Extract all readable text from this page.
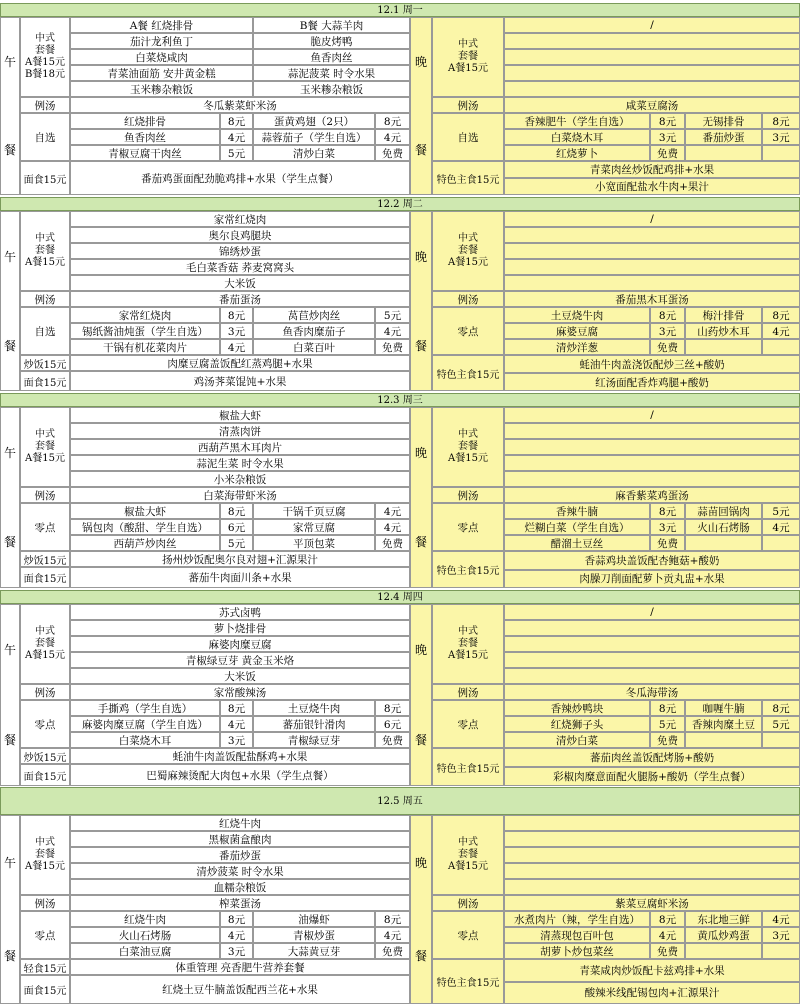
12.1 周一
午
餐
中式
套餐
A餐15元
B餐18元
A餐 红烧排骨	B餐 大蒜羊肉
茄汁龙利鱼丁	脆皮烤鸭
白菜烧咸肉	鱼香肉丝
青菜油面筋 安井黄金糕	蒜泥菠菜 时令水果
玉米糁杂粮饭	玉米糁杂粮饭
例汤	冬瓜紫菜虾米汤
自选
红烧排骨	8元	蛋黄鸡翅（2只）	8元
鱼香肉丝	4元	蒜蓉茄子（学生自选）	4元
青椒豆腐干肉丝	5元	清炒白菜	免费
面食15元	番茄鸡蛋面配劲脆鸡排+水果（学生点餐）
晚
餐
中式
套餐
A餐15元
/
例汤	咸菜豆腐汤
自选
香辣肥牛（学生自选）	8元	无锡排骨	8元
白菜烧木耳	3元	番茄炒蛋	3元
红烧萝卜	免费
特色主食15元
青菜肉丝炒饭配鸡排+水果
小宽面配盐水牛肉+果汁
12.2 周二
午
餐
中式
套餐
A餐15元
家常红烧肉
奥尔良鸡腿块
锦绣炒蛋
毛白菜香菇 荞麦窝窝头
大米饭
例汤	番茄蛋汤
自选
家常红烧肉	8元	莴苣炒肉丝	5元
锡纸酱油炖蛋（学生自选）	3元	鱼香肉糜茄子	4元
干锅有机花菜肉片	4元	白菜百叶	免费
炒饭15元	肉糜豆腐盖饭配红蒸鸡腿+水果
面食15元	鸡汤荠菜馄饨+水果
晚
餐
中式
套餐
A餐15元
/
例汤	番茄黑木耳蛋汤
零点
土豆烧牛肉	8元	梅汁排骨	8元
麻婆豆腐	3元	山药炒木耳	4元
清炒洋葱	免费
特色主食15元
蚝油牛肉盖浇饭配炒三丝+酸奶
红汤面配香炸鸡腿+酸奶
12.3 周三
午
餐
中式
套餐
A餐15元
椒盐大虾
清蒸肉饼
西葫芦黑木耳肉片
蒜泥生菜 时令水果
小米杂粮饭
例汤	白菜海带虾米汤
零点
椒盐大虾	8元	干锅千页豆腐	4元
锅包肉（酸甜、学生自选）	6元	家常豆腐	4元
西葫芦炒肉丝	5元	平顶包菜	免费
炒饭15元	扬州炒饭配奥尔良对翅+汇源果汁
面食15元	蕃茄牛肉面川条+水果
晚
餐
中式
套餐
A餐15元
/
例汤	麻香紫菜鸡蛋汤
零点
香辣牛腩	8元	蒜苗回锅肉	5元
烂糊白菜（学生自选）	3元	火山石烤肠	4元
醋溜土豆丝	免费
特色主食15元
香蒜鸡块盖饭配杏鲍菇+酸奶
肉臊刀削面配萝卜贡丸盅+水果
12.4 周四
午
餐
中式
套餐
A餐15元
苏式卤鸭
萝卜烧排骨
麻婆肉糜豆腐
青椒绿豆芽 黄金玉米烙
大米饭
例汤	家常酸辣汤
零点
手撕鸡（学生自选）	8元	土豆烧牛肉	8元
麻婆肉糜豆腐（学生自选）	4元	蕃茄银针滑肉	6元
白菜烧木耳	3元	青椒绿豆芽	免费
炒饭15元	蚝油牛肉盖饭配盐酥鸡+水果
面食15元	巴蜀麻辣烫配大肉包+水果（学生点餐）
晚
餐
中式
套餐
A餐15元
/
例汤	冬瓜海带汤
零点
香辣炒鸭块	8元	咖喱牛腩	8元
红烧狮子头	5元	香辣肉糜土豆	5元
清炒白菜	免费
特色主食15元
蕃茄肉丝盖饭配烤肠+酸奶
彩椒肉糜意面配火腿肠+酸奶（学生点餐）
12.5 周五
午
餐
中式
套餐
A餐15元
红烧牛肉
黑椒菌盒酿肉
番茄炒蛋
清炒菠菜 时令水果
血糯杂粮饭
例汤	榨菜蛋汤
零点
红烧牛肉	8元	油爆虾	8元
火山石烤肠	4元	青椒炒蛋	4元
白菜油豆腐	3元	大蒜黄豆芽	免费
轻食15元	体重管理 亮香肥牛营养套餐
面食15元	红烧土豆牛腩盖饭配西兰花+水果
晚
餐
中式
套餐
A餐15元
例汤	紫菜豆腐虾米汤
零点
水煮肉片（辣，学生自选）	8元	东北地三鲜	4元
清蒸现包百叶包	4元	黄瓜炒鸡蛋	3元
胡萝卜炒包菜丝	免费
特色主食15元
青菜咸肉炒饭配卡兹鸡排+水果
酸辣米线配锡包肉+汇源果汁
